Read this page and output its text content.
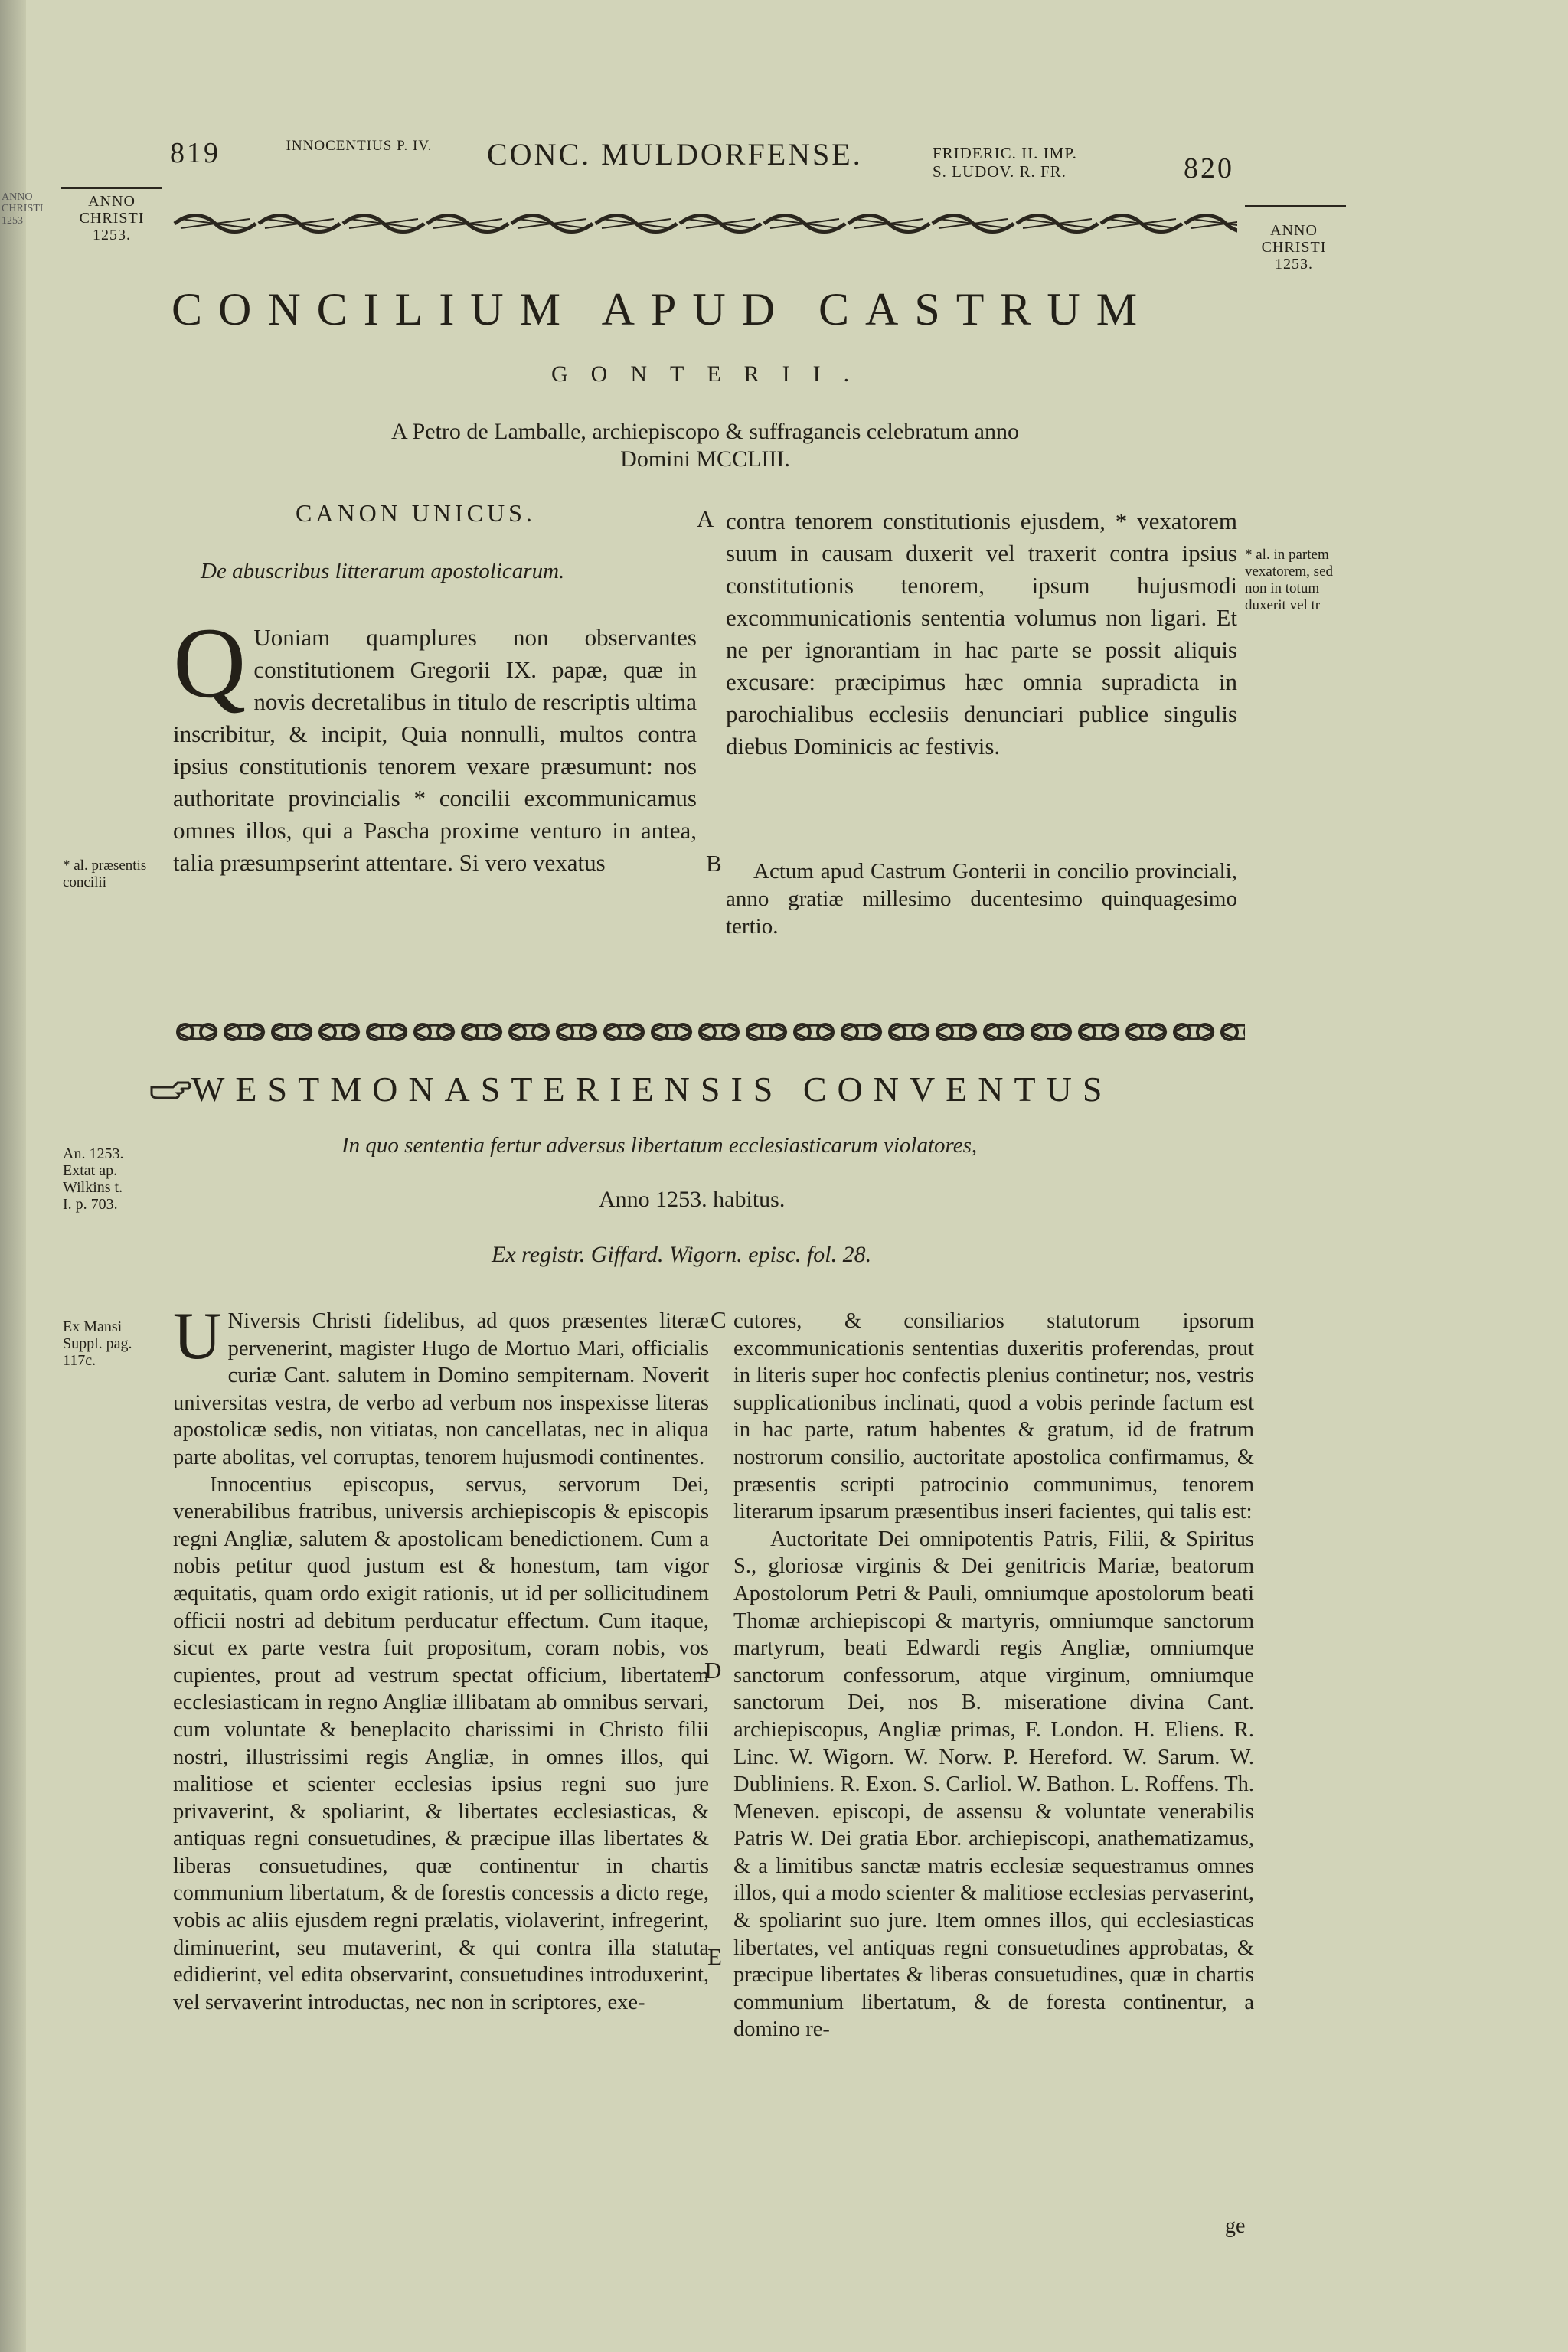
ANNO
CHRISTI
1253
819	INNOCENTIUS P. IV. CONC. MULDORFENSE.	FRIDERIC. II. IMP.
S. LUDOV. R. FR.	820
ANNO
CHRISTI
1253.	ANNO
CHRISTI
1253.
CONCILIUM APUD CASTRUM
GONTERII.
A Petro de Lamballe, archiepiscopo & suffraganeis celebratum anno
Domini MCCLIII.
CANON UNICUS.
De abuscribus litterarum apostolicarum.
Q Uoniam quamplures non observantes constitutionem Gregorii IX. papæ, quæ in novis decretalibus in titulo de rescriptis ultima inscribitur, & incipit, Quia nonnulli, multos contra ipsius constitutionis tenorem vexare præsumunt: nos authoritate provincialis * concilii excommunicamus omnes illos, qui a Pascha proxime venturo in antea, talia præsumpserint attentare. Si vero vexatus

A
B
* al. præsentis concilii

contra tenorem constitutionis ejusdem, * vexatorem suum in causam duxerit vel traxerit contra ipsius constitutionis tenorem, ipsum hujusmodi excommunicationis sententia volumus non ligari. Et ne per ignorantiam in hac parte se possit aliquis excusare: præcipimus hæc omnia supradicta in parochialibus ecclesiis denunciari publice singulis diebus Dominicis ac festivis.

Actum apud Castrum Gonterii in concilio provinciali, anno gratiæ millesimo ducentesimo quinquagesimo tertio.

* al. in partem vexatorem, sed non in totum duxerit vel tr
WESTMONASTERIENSIS CONVENTUS
In quo sententia fertur adversus libertatum ecclesiasticarum violatores,
Anno 1253. habitus.
Ex registr. Giffard. Wigorn. episc. fol. 28.
An. 1253.
Extat ap.
Wilkins t.
I. p. 703.
Ex Mansi
Suppl. pag.
117c.	U Niversis Christi fidelibus, ad quos præsentes literæ pervenerint, magister Hugo de Mortuo Mari, officialis curiæ Cant. salutem in Domino sempiternam. Noverit universitas vestra, de verbo ad verbum nos inspexisse literas apostolicæ sedis, non vitiatas, non cancellatas, nec in aliqua parte abolitas, vel corruptas, tenorem hujusmodi continentes.

Innocentius episcopus, servus, servorum Dei, venerabilibus fratribus, universis archiepiscopis & episcopis regni Angliæ, salutem & apostolicam benedictionem. Cum a nobis petitur quod justum est & honestum, tam vigor æquitatis, quam ordo exigit rationis, ut id per sollicitudinem officii nostri ad debitum perducatur effectum. Cum itaque, sicut ex parte vestra fuit propositum, coram nobis, vos cupientes, prout ad vestrum spectat officium, libertatem ecclesiasticam in regno Angliæ illibatam ab omnibus servari, cum voluntate & beneplacito charissimi in Christo filii nostri, illustrissimi regis Angliæ, in omnes illos, qui malitiose et scienter ecclesias ipsius regni suo jure privaverint, & spoliarint, & libertates ecclesiasticas, & antiquas regni consuetudines, & præcipue illas libertates & liberas consuetudines, quæ continentur in chartis communium libertatum, & de forestis concessis a dicto rege, vobis ac aliis ejusdem regni prælatis, violaverint, infregerint, diminuerint, seu mutaverint, & qui contra illa statuta edidierint, vel edita observarint, consuetudines introduxerint, vel servaverint introductas, nec non in scriptores, exe-

C
D
E

cutores, & consiliarios statutorum ipsorum excommunicationis sententias duxeritis proferendas, prout in literis super hoc confectis plenius continetur; nos, vestris supplicationibus inclinati, quod a vobis perinde factum est in hac parte, ratum habentes & gratum, id de fratrum nostrorum consilio, auctoritate apostolica confirmamus, & præsentis scripti patrocinio communimus, tenorem literarum ipsarum præsentibus inseri facientes, qui talis est:

Auctoritate Dei omnipotentis Patris, Filii, & Spiritus S., gloriosæ virginis & Dei genitricis Mariæ, beatorum Apostolorum Petri & Pauli, omniumque apostolorum beati Thomæ archiepiscopi & martyris, omniumque sanctorum martyrum, beati Edwardi regis Angliæ, omniumque sanctorum confessorum, atque virginum, omniumque sanctorum Dei, nos B. miseratione divina Cant. archiepiscopus, Angliæ primas, F. London. H. Eliens. R. Linc. W. Wigorn. W. Norw. P. Hereford. W. Sarum. W. Dubliniens. R. Exon. S. Carliol. W. Bathon. L. Roffens. Th. Meneven. episcopi, de assensu & voluntate venerabilis Patris W. Dei gratia Ebor. archiepiscopi, anathematizamus, & a limitibus sanctæ matris ecclesiæ sequestramus omnes illos, qui a modo scienter & malitiose ecclesias pervaserint, & spoliarint suo jure. Item omnes illos, qui ecclesiasticas libertates, vel antiquas regni consuetudines approbatas, & præcipue libertates & liberas consuetudines, quæ in chartis communium libertatum, & de foresta continentur, a domino re-

ge
